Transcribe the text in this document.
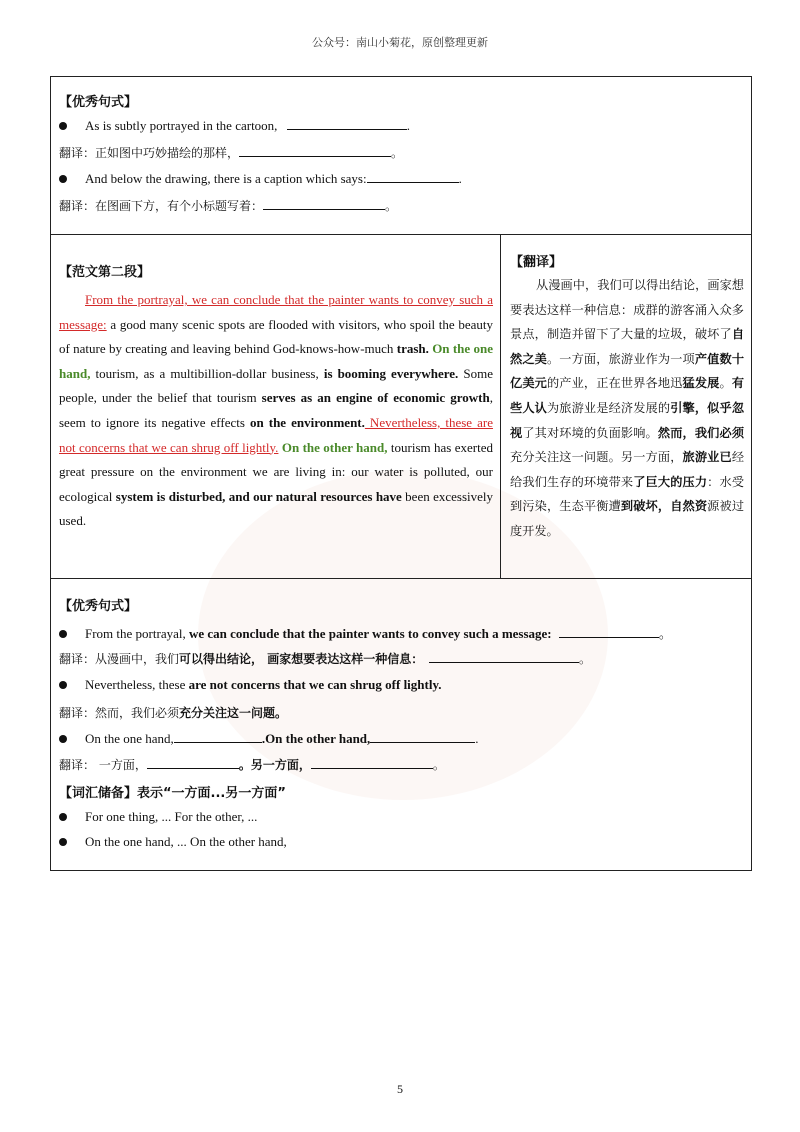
公众号：南山小菊花，原创整理更新
【优秀句式】
As is subtly portrayed in the cartoon,	.
翻译：正如图中巧妙描绘的那样，	。
And below the drawing, there is a caption which says:	.
翻译：在图画下方，有个小标题写着：	。
【范文第二段】
From the portrayal, we can conclude that the painter wants to convey such a message: a good many scenic spots are flooded with visitors, who spoil the beauty of nature by creating and leaving behind God-knows-how-much trash. On the one hand, tourism, as a multibillion-dollar business, is booming everywhere. Some people, under the belief that tourism serves as an engine of economic growth, seem to ignore its negative effects on the environment. Nevertheless, these are not concerns that we can shrug off lightly. On the other hand, tourism has exerted great pressure on the environment we are living in: our water is polluted, our ecological system is disturbed, and our natural resources have been excessively used.
【翻译】
从漫画中，我们可以得出结论，画家想要表达这样一种信息：成群的游客涌入众多景点，制造并留下了大量的垃圾，破坏了自然之美。一方面，旅游业作为一项产值数十亿美元的产业，正在世界各地迅猛发展。有些人认为旅游业是经济发展的引擎，似乎忽视了其对环境的负面影响。然而，我们必须充分关注这一问题。另一方面，旅游业已经给我们生存的环境带来了巨大的压力：水受到污染，生态平衡遭到破坏，自然资源被过度开发。
【优秀句式】
From the portrayal, we can conclude that the painter wants to convey such a message:	。
翻译：从漫画中，我们可以得出结论， 画家想要表达这样一种信息：	。
Nevertheless, these are not concerns that we can shrug off lightly.
翻译：然而，我们必须充分关注这一问题。
On the one hand,	.On the other hand,	.
翻译： 一方面，	。另一方面，	。
【词汇储备】表示“一方面...另一方面”
For one thing, ... For the other, ...
On the one hand, ... On the other hand,
5
